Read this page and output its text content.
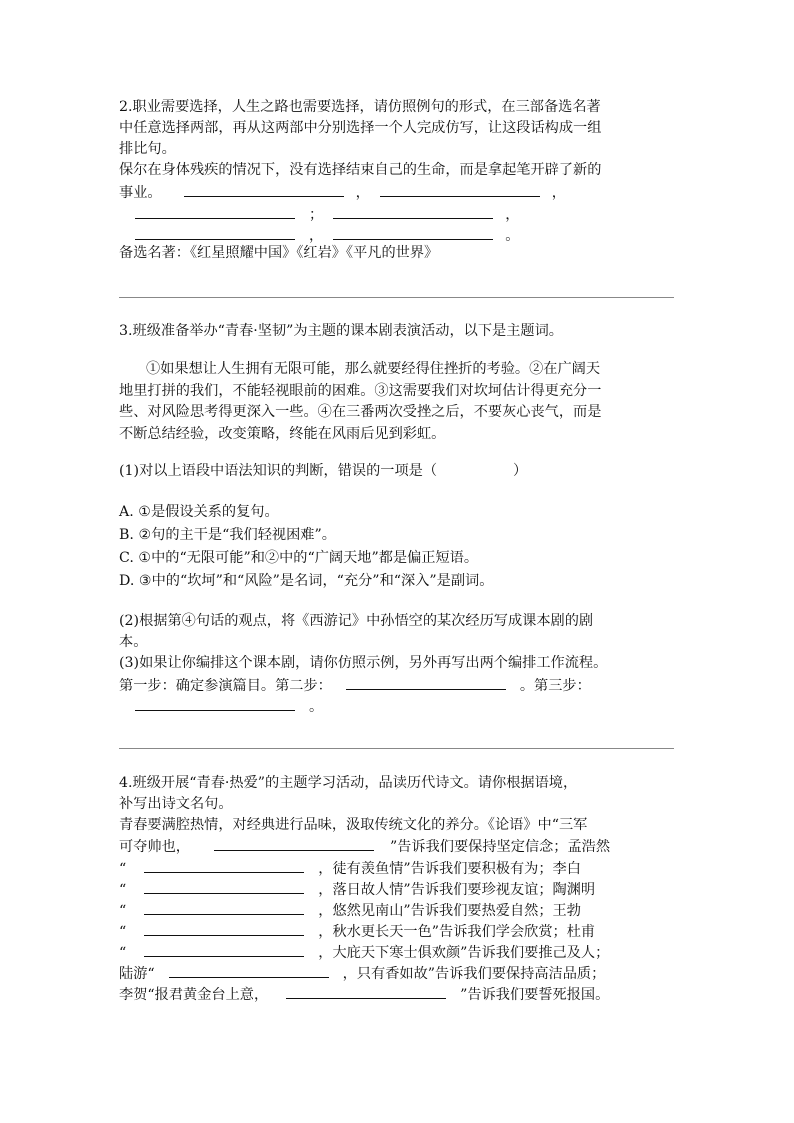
2.职业需要选择，人生之路也需要选择，请仿照例句的形式，在三部备选名著
中任意选择两部，再从这两部中分别选择一个人完成仿写，让这段话构成一组
排比句。
保尔在身体残疾的情况下，没有选择结束自己的生命，而是拿起笔开辟了新的
事业。	，	，
；	，
，	。
备选名著：《红星照耀中国》《红岩》《平凡的世界》
3.班级准备举办“青春·坚韧”为主题的课本剧表演活动，以下是主题词。
①如果想让人生拥有无限可能，那么就要经得住挫折的考验。②在广阔天
地里打拼的我们，不能轻视眼前的困难。③这需要我们对坎坷估计得更充分一
些、对风险思考得更深入一些。④在三番两次受挫之后，不要灰心丧气，而是
不断总结经验，改变策略，终能在风雨后见到彩虹。
(1)对以上语段中语法知识的判断，错误的一项是（	）
A. ①是假设关系的复句。
B. ②句的主干是“我们轻视困难”。
C. ①中的“无限可能”和②中的“广阔天地”都是偏正短语。
D. ③中的“坎坷”和“风险”是名词，“充分”和“深入”是副词。
(2)根据第④句话的观点，将《西游记》中孙悟空的某次经历写成课本剧的剧
本。
(3)如果让你编排这个课本剧，请你仿照示例，另外再写出两个编排工作流程。
第一步：确定参演篇目。第二步：	。第三步：
。
4.班级开展“青春·热爱”的主题学习活动，品读历代诗文。请你根据语境，
补写出诗文名句。
青春要满腔热情，对经典进行品味，汲取传统文化的养分。《论语》中“三军
可夺帅也，	”告诉我们要保持坚定信念；孟浩然
“	，徒有羡鱼情”告诉我们要积极有为；李白
“	，落日故人情”告诉我们要珍视友谊；陶渊明
“	，悠然见南山”告诉我们要热爱自然；王勃
“	，秋水更长天一色”告诉我们学会欣赏；杜甫
“	，大庇天下寒士俱欢颜”告诉我们要推己及人；
陆游“	，只有香如故”告诉我们要保持高洁品质；
李贺“报君黄金台上意，	”告诉我们要誓死报国。
